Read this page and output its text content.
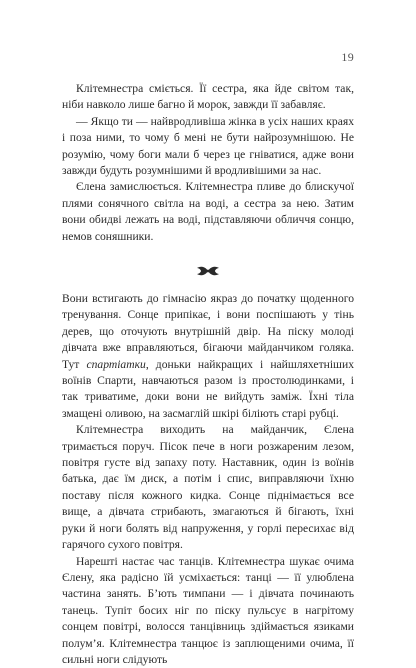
19

Клітемнестра сміється. Її сестра, яка йде світом так, ніби навколо лише багно й морок, завжди її забавляє.

— Якщо ти — найвродливіша жінка в усіх наших краях і поза ними, то чому б мені не бути найрозумнішою. Не розумію, чому боги мали б через це гніватися, адже вони завжди будуть розумнішими й вродливішими за нас.

Єлена замислюється. Клітемнестра пливе до блискучої плями сонячного світла на воді, а сестра за нею. Затим вони обидві лежать на воді, підставляючи обличчя сонцю, немов соняшники.

Вони встигають до гімнасію якраз до початку щоденного тренування. Сонце припікає, і вони поспішають у тінь дерев, що оточують внутрішній двір. На піску молоді дівчата вже вправляються, бігаючи майданчиком голяка. Тут спартіатки, доньки найкращих і найшляхетніших воїнів Спарти, навчаються разом із простолюдинками, і так триватиме, доки вони не вийдуть заміж. Їхні тіла змащені оливою, на засмаглій шкірі біліють старі рубці.

Клітемнестра виходить на майданчик, Єлена тримається поруч. Пісок пече в ноги розжареним лезом, повітря густе від запаху поту. Наставник, один із воїнів батька, дає їм диск, а потім і спис, виправляючи їхню поставу після кожного кидка. Сонце піднімається все вище, а дівчата стрибають, змагаються й бігають, їхні руки й ноги болять від напруження, у горлі пересихає від гарячого сухого повітря.

Нарешті настає час танців. Клітемнестра шукає очима Єлену, яка радісно їй усміхається: танці — її улюблена частина занять. Б’ють тимпани — і дівчата починають танець. Тупіт босих ніг по піску пульсує в нагрітому сонцем повітрі, волосся танцівниць здіймається язиками полум’я. Клітемнестра танцює із заплющеними очима, її сильні ноги слідують
